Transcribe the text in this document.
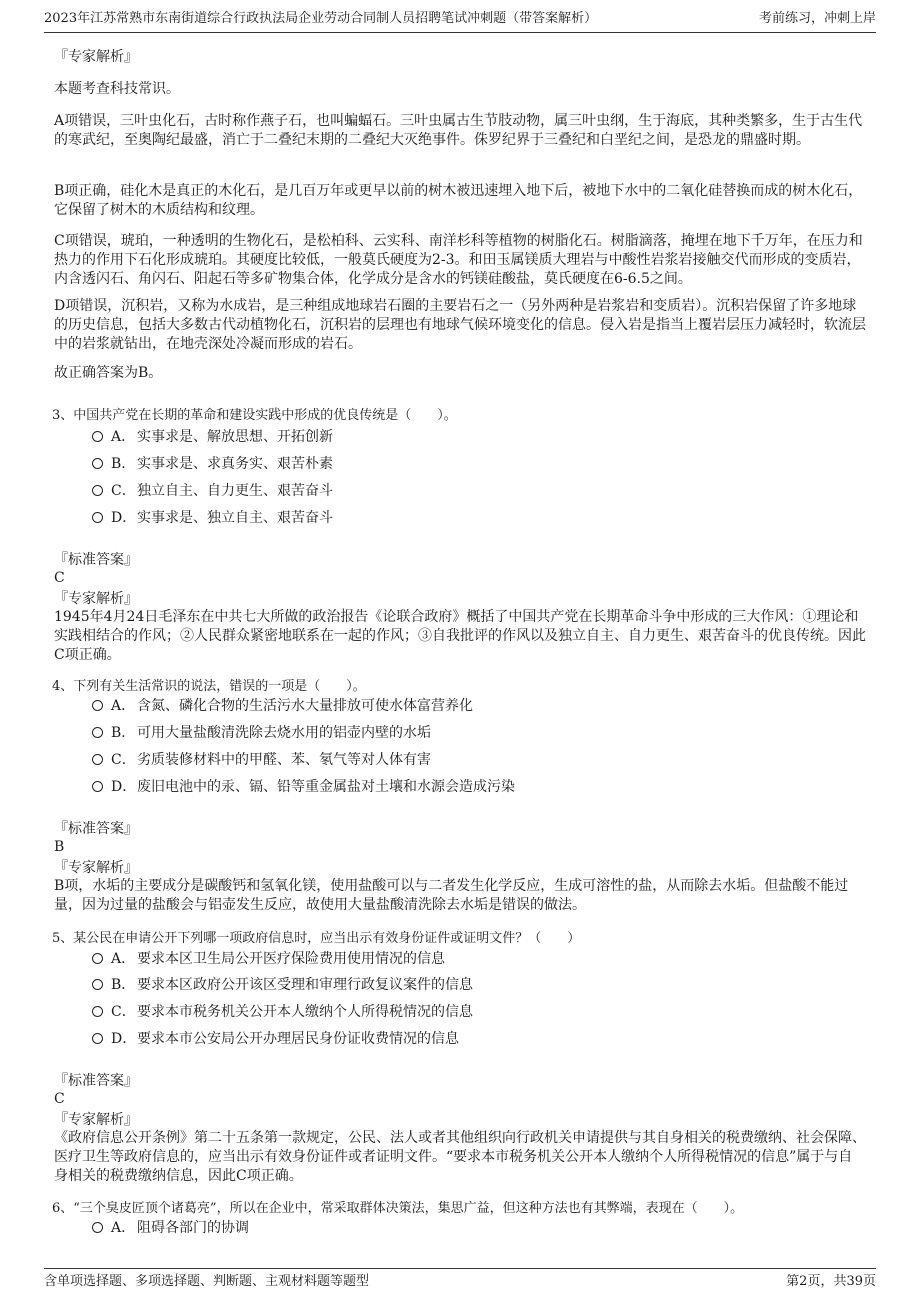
2023年江苏常熟市东南街道综合行政执法局企业劳动合同制人员招聘笔试冲刺题（带答案解析）	考前练习，冲刺上岸
『专家解析』
本题考查科技常识。
A项错误，三叶虫化石，古时称作燕子石，也叫蝙蝠石。三叶虫属古生节肢动物，属三叶虫纲，生于海底，其种类繁多，生于古生代的寒武纪，至奥陶纪最盛，消亡于二叠纪末期的二叠纪大灭绝事件。侏罗纪界于三叠纪和白垩纪之间，是恐龙的鼎盛时期。
B项正确，硅化木是真正的木化石，是几百万年或更早以前的树木被迅速埋入地下后，被地下水中的二氧化硅替换而成的树木化石，它保留了树木的木质结构和纹理。
C项错误，琥珀，一种透明的生物化石，是松柏科、云实科、南洋杉科等植物的树脂化石。树脂滴落，掩埋在地下千万年，在压力和热力的作用下石化形成琥珀。其硬度比较低，一般莫氏硬度为2-3。和田玉属镁质大理岩与中酸性岩浆岩接触交代而形成的变质岩，内含透闪石、角闪石、阳起石等多矿物集合体，化学成分是含水的钙镁硅酸盐，莫氏硬度在6-6.5之间。
D项错误，沉积岩，又称为水成岩，是三种组成地球岩石圈的主要岩石之一（另外两种是岩浆岩和变质岩）。沉积岩保留了许多地球的历史信息，包括大多数古代动植物化石，沉积岩的层理也有地球气候环境变化的信息。侵入岩是指当上覆岩层压力减轻时，软流层中的岩浆就钻出，在地壳深处冷凝而形成的岩石。
故正确答案为B。
3、中国共产党在长期的革命和建设实践中形成的优良传统是（　　）。
A． 实事求是、解放思想、开拓创新
B． 实事求是、求真务实、艰苦朴素
C．独立自主、自力更生、艰苦奋斗
D．实事求是、独立自主、艰苦奋斗
『标准答案』
C
『专家解析』
1945年4月24日毛泽东在中共七大所做的政治报告《论联合政府》概括了中国共产党在长期革命斗争中形成的三大作风：①理论和实践相结合的作风；②人民群众紧密地联系在一起的作风；③自我批评的作风以及独立自主、自力更生、艰苦奋斗的优良传统。因此C项正确。
4、下列有关生活常识的说法，错误的一项是（　　）。
A． 含氮、磷化合物的生活污水大量排放可使水体富营养化
B． 可用大量盐酸清洗除去烧水用的铝壶内壁的水垢
C．劣质装修材料中的甲醛、苯、氡气等对人体有害
D．废旧电池中的汞、镉、铅等重金属盐对土壤和水源会造成污染
『标准答案』
B
『专家解析』
B项，水垢的主要成分是碳酸钙和氢氧化镁，使用盐酸可以与二者发生化学反应，生成可溶性的盐，从而除去水垢。但盐酸不能过量，因为过量的盐酸会与铝壶发生反应，故使用大量盐酸清洗除去水垢是错误的做法。
5、某公民在申请公开下列哪一项政府信息时，应当出示有效身份证件或证明文件？（　　）
A． 要求本区卫生局公开医疗保险费用使用情况的信息
B． 要求本区政府公开该区受理和审理行政复议案件的信息
C．要求本市税务机关公开本人缴纳个人所得税情况的信息
D．要求本市公安局公开办理居民身份证收费情况的信息
『标准答案』
C
『专家解析』
《政府信息公开条例》第二十五条第一款规定，公民、法人或者其他组织向行政机关申请提供与其自身相关的税费缴纳、社会保障、医疗卫生等政府信息的，应当出示有效身份证件或者证明文件。“要求本市税务机关公开本人缴纳个人所得税情况的信息”属于与自身相关的税费缴纳信息，因此C项正确。
6、“三个臭皮匠顶个诸葛亮”，所以在企业中，常采取群体决策法，集思广益，但这种方法也有其弊端，表现在（　　）。
A． 阻碍各部门的协调
含单项选择题、多项选择题、判断题、主观材料题等题型	第2页，共39页
